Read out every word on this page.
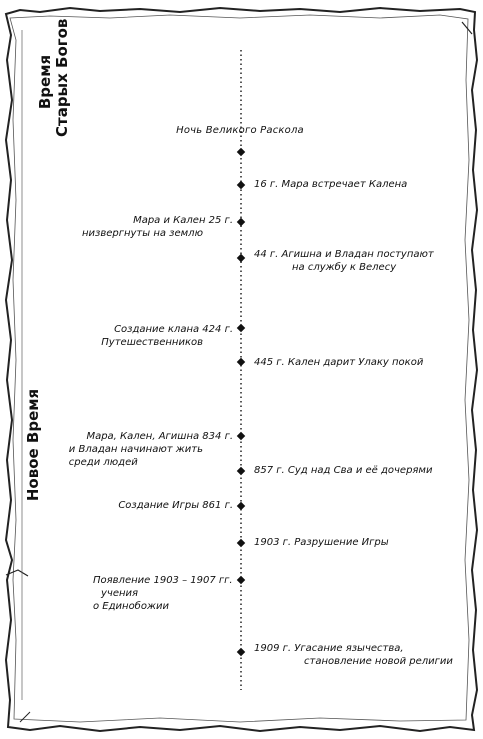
Время Старых Богов
Новое Время
Ночь Великого Раскола
Мара и Кален 25 г.
низвергнуты на землю
Создание клана 424 г.
Путешественников
Мара, Кален, Агишна 834 г.
и Владан начинают жить
среди людей
Создание Игры 861 г.
Появление 1903 – 1907 гг.
учения
о Единобожии
16 г. Мара встречает Калена
44 г. Агишна и Владан поступают
на службу к Велесу
445 г. Кален дарит Улаку покой
857 г. Суд над Сва и её дочерями
1903 г. Разрушение Игры
1909 г. Угасание язычества,
становление новой религии
